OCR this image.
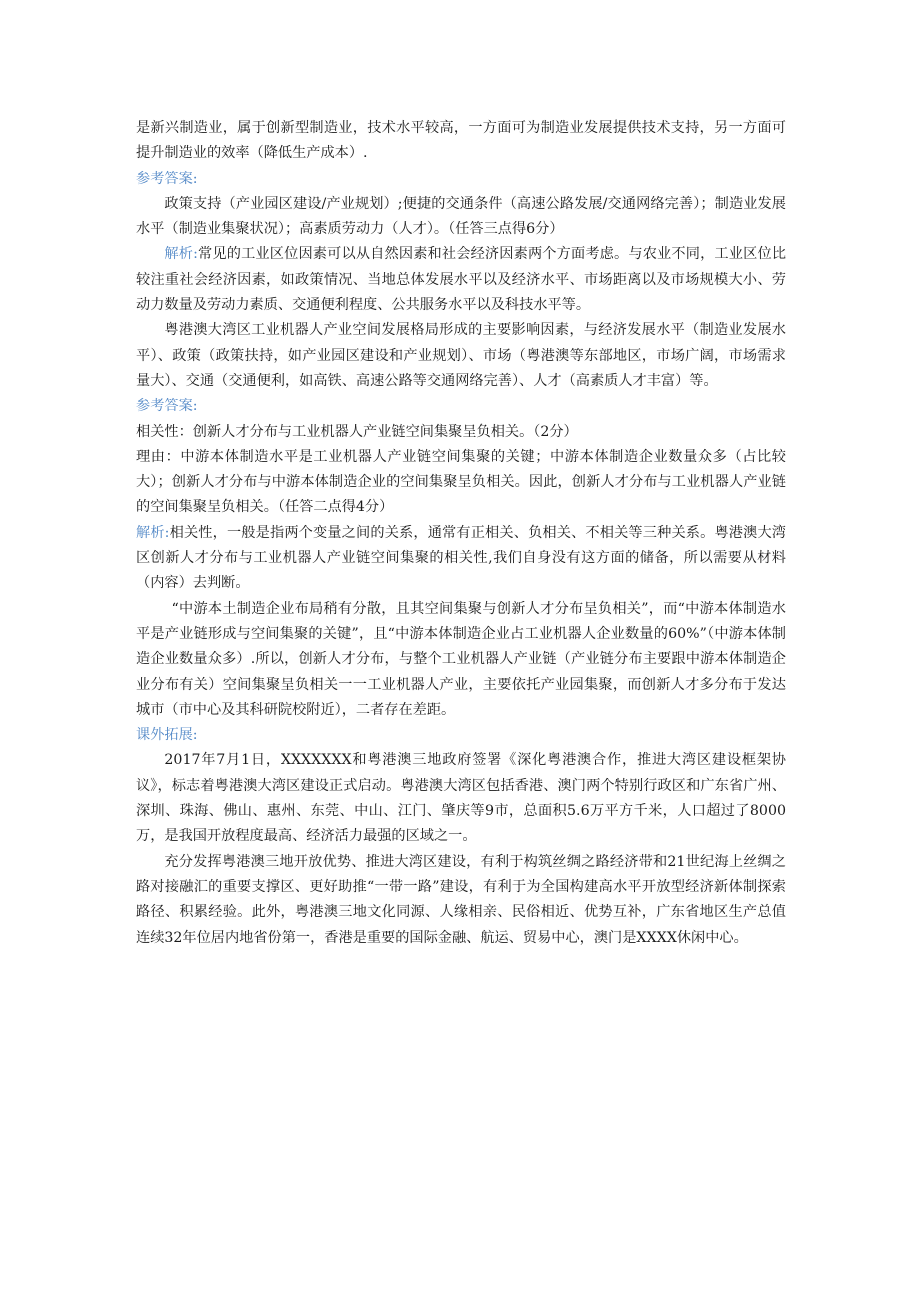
是新兴制造业，属于创新型制造业，技术水平较高，一方面可为制造业发展提供技术支持，另一方面可提升制造业的效率（降低生产成本）.

参考答案:

政策支持（产业园区建设/产业规划）;便捷的交通条件（高速公路发展/交通网络完善）；制造业发展水平（制造业集聚状况）；高素质劳动力（人才）。（任答三点得6分）

解析:常见的工业区位因素可以从自然因素和社会经济因素两个方面考虑。与农业不同，工业区位比较注重社会经济因素，如政策情况、当地总体发展水平以及经济水平、市场距离以及市场规模大小、劳动力数量及劳动力素质、交通便利程度、公共服务水平以及科技水平等。

粤港澳大湾区工业机器人产业空间发展格局形成的主要影响因素，与经济发展水平（制造业发展水平）、政策（政策扶持，如产业园区建设和产业规划）、市场（粤港澳等东部地区，市场广阔，市场需求量大）、交通（交通便利，如高铁、高速公路等交通网络完善）、人才（高素质人才丰富）等。

参考答案:

相关性：创新人才分布与工业机器人产业链空间集聚呈负相关。（2分）

理由：中游本体制造水平是工业机器人产业链空间集聚的关键；中游本体制造企业数量众多（占比较大）；创新人才分布与中游本体制造企业的空间集聚呈负相关。因此，创新人才分布与工业机器人产业链的空间集聚呈负相关。（任答二点得4分）

解析:相关性，一般是指两个变量之间的关系，通常有正相关、负相关、不相关等三种关系。粤港澳大湾区创新人才分布与工业机器人产业链空间集聚的相关性,我们自身没有这方面的储备，所以需要从材料（内容）去判断。

“中游本土制造企业布局稍有分散，且其空间集聚与创新人才分布呈负相关”，而“中游本体制造水平是产业链形成与空间集聚的关键”，且“中游本体制造企业占工业机器人企业数量的60%”（中游本体制造企业数量众多）.所以，创新人才分布，与整个工业机器人产业链（产业链分布主要跟中游本体制造企业分布有关）空间集聚呈负相关一一工业机器人产业，主要依托产业园集聚，而创新人才多分布于发达城市（市中心及其科研院校附近），二者存在差距。

课外拓展:

2017年7月1日，XXXXXXX和粤港澳三地政府签署《深化粤港澳合作，推进大湾区建设框架协议》，标志着粤港澳大湾区建设正式启动。粤港澳大湾区包括香港、澳门两个特别行政区和广东省广州、深圳、珠海、佛山、惠州、东莞、中山、江门、肇庆等9市，总面积5.6万平方千米，人口超过了8000万，是我国开放程度最高、经济活力最强的区域之一。

充分发挥粤港澳三地开放优势、推进大湾区建设，有利于构筑丝绸之路经济带和21世纪海上丝绸之路对接融汇的重要支撑区、更好助推“一带一路”建设，有利于为全国构建高水平开放型经济新体制探索路径、积累经验。此外，粤港澳三地文化同源、人缘相亲、民俗相近、优势互补，广东省地区生产总值连续32年位居内地省份第一，香港是重要的国际金融、航运、贸易中心，澳门是XXXX休闲中心。
